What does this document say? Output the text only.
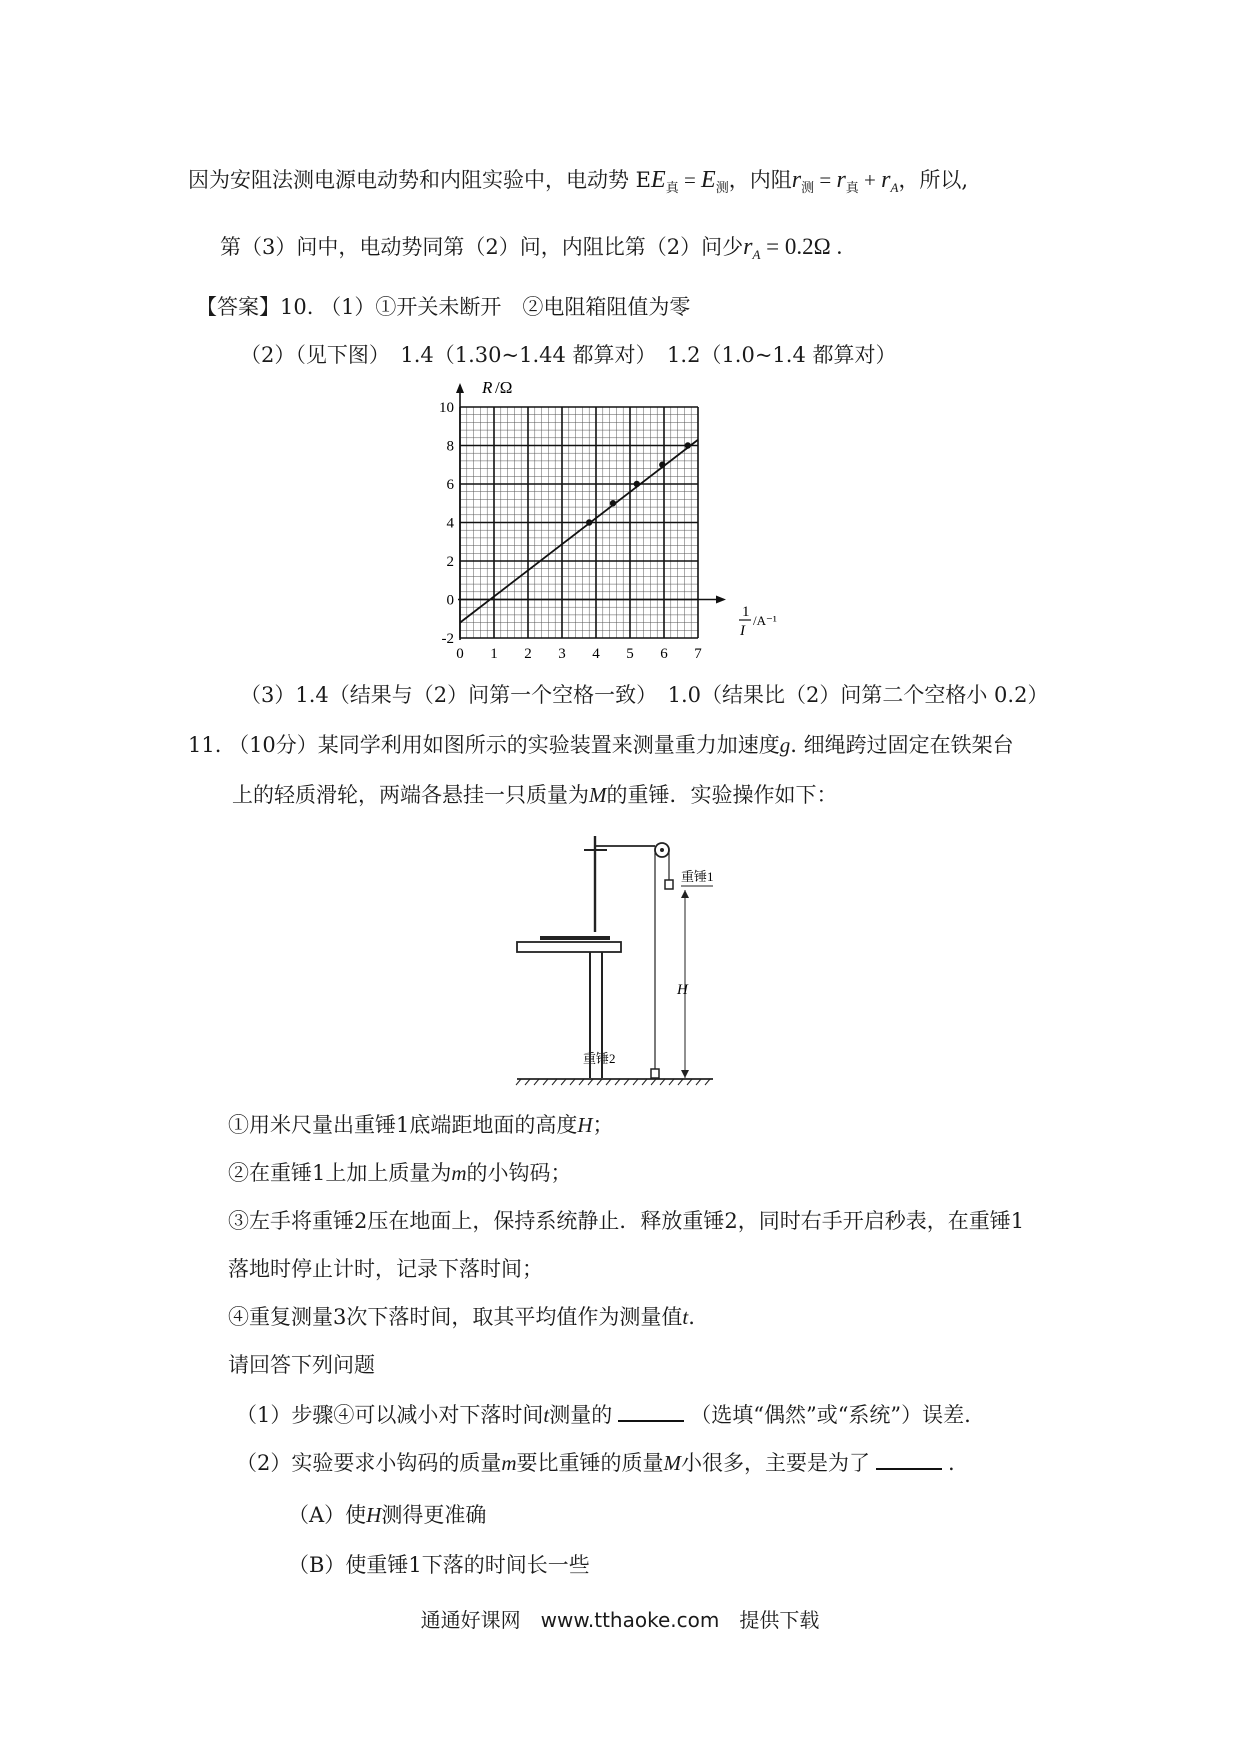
因为安阻法测电源电动势和内阻实验中，电动势 $EE_真 = E_测$，内阻$r_测 = r_真 + r_A$，所以,
第（3）问中，电动势同第（2）问，内阻比第（2）问少$r_A = 0.2\Omega$ .
【答案】10. （1）①开关未断开　②电阻箱阻值为零
（2）（见下图）　1.4（1.30~1.44 都算对）　1.2（1.0~1.4 都算对）
10
8
6
4
2
0
-2
0 1 2 3 4 5 6 7
R /Ω
1
I
/A⁻¹
（3）1.4（结果与（2）问第一个空格一致）　1.0（结果比（2）问第二个空格小 0.2）
11. （10分）某同学利用如图所示的实验装置来测量重力加速度g. 细绳跨过固定在铁架台
上的轻质滑轮，两端各悬挂一只质量为M的重锤．实验操作如下：
重锤1
重锤2
H
①用米尺量出重锤1底端距地面的高度H；
②在重锤1上加上质量为m的小钩码；
③左手将重锤2压在地面上，保持系统静止．释放重锤2，同时右手开启秒表，在重锤1
落地时停止计时，记录下落时间；
④重复测量3次下落时间，取其平均值作为测量值t.
请回答下列问题
（1）步骤④可以减小对下落时间t测量的	（选填“偶然”或“系统”）误差.
（2）实验要求小钩码的质量m要比重锤的质量M小很多，主要是为了	.
（A）使H测得更准确
（B）使重锤1下落的时间长一些
通通好课网　www.tthaoke.com　提供下载
